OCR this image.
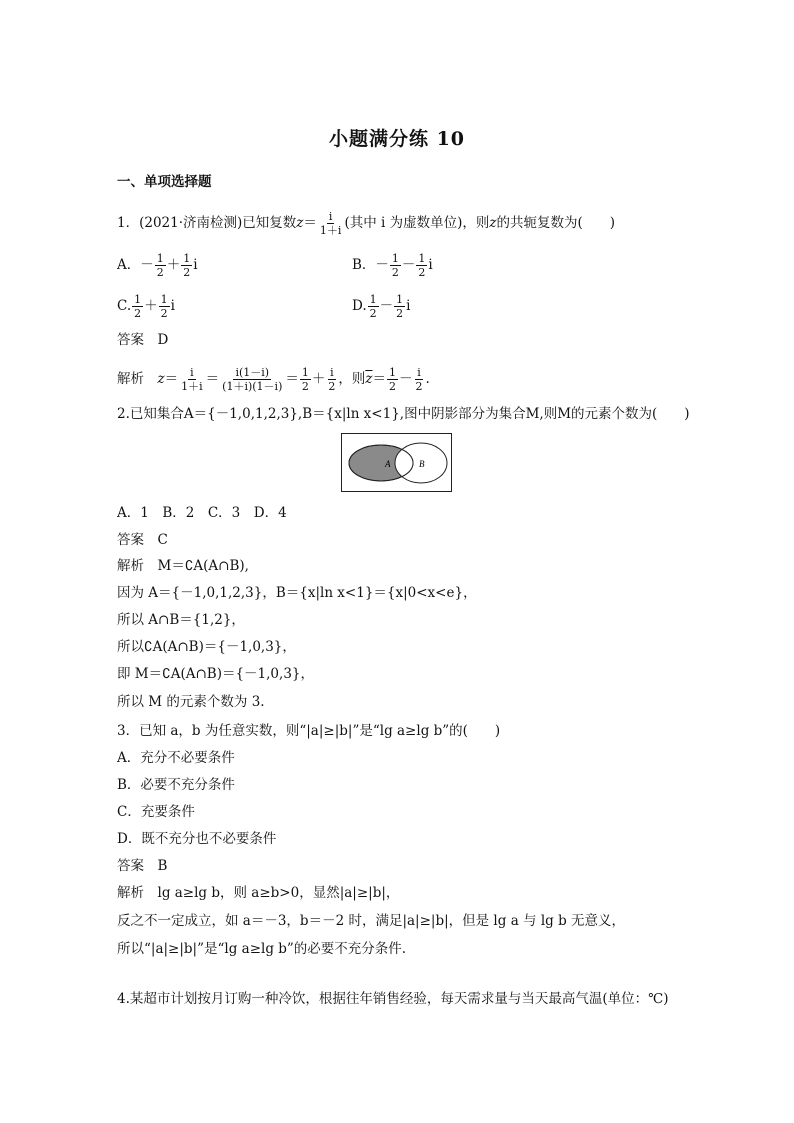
小题满分练 10
一、单项选择题
1．(2021·济南检测)已知复数$z= \frac{i}{1+i}$ (其中 i 为虚数单位)，则z的共轭复数为(　　)
A．－ $\frac{1}{2} + \frac{1}{2}$ i	B．－ $\frac{1}{2} - \frac{1}{2}$ i
C. $\frac{1}{2} + \frac{1}{2}$ i	D. $\frac{1}{2} - \frac{1}{2}$ i
答案　D
解析　$z= \frac{i}{1+i} = \frac{i(1-i)}{(1+i)(1-i)} = \frac{1}{2} + \frac{i}{2}$ ，则$\overline{z}= \frac{1}{2} - \frac{i}{2}$ .
2.已知集合A＝{－1,0,1,2,3},B＝{x|ln x<1},图中阴影部分为集合M,则M的元素个数为(　　)
A	B
A．1　B．2　C．3　D．4
答案　C
解析　M＝∁A(A∩B),
因为 A＝{－1,0,1,2,3}，B＝{x|ln x<1}＝{x|0<x<e}，
所以 A∩B＝{1,2}，
所以∁A(A∩B)＝{－1,0,3}，
即 M＝∁A(A∩B)＝{－1,0,3}，
所以 M 的元素个数为 3.
3．已知 a，b 为任意实数，则“|a|≥|b|”是“lg a≥lg b”的(　　)
A．充分不必要条件
B．必要不充分条件
C．充要条件
D．既不充分也不必要条件
答案　B
解析　lg a≥lg b，则 a≥b>0，显然|a|≥|b|，
反之不一定成立，如 a＝－3，b＝－2 时，满足|a|≥|b|，但是 lg a 与 lg b 无意义，
所以“|a|≥|b|”是“lg a≥lg b”的必要不充分条件.
4.某超市计划按月订购一种冷饮，根据往年销售经验，每天需求量与当天最高气温(单位：℃)
